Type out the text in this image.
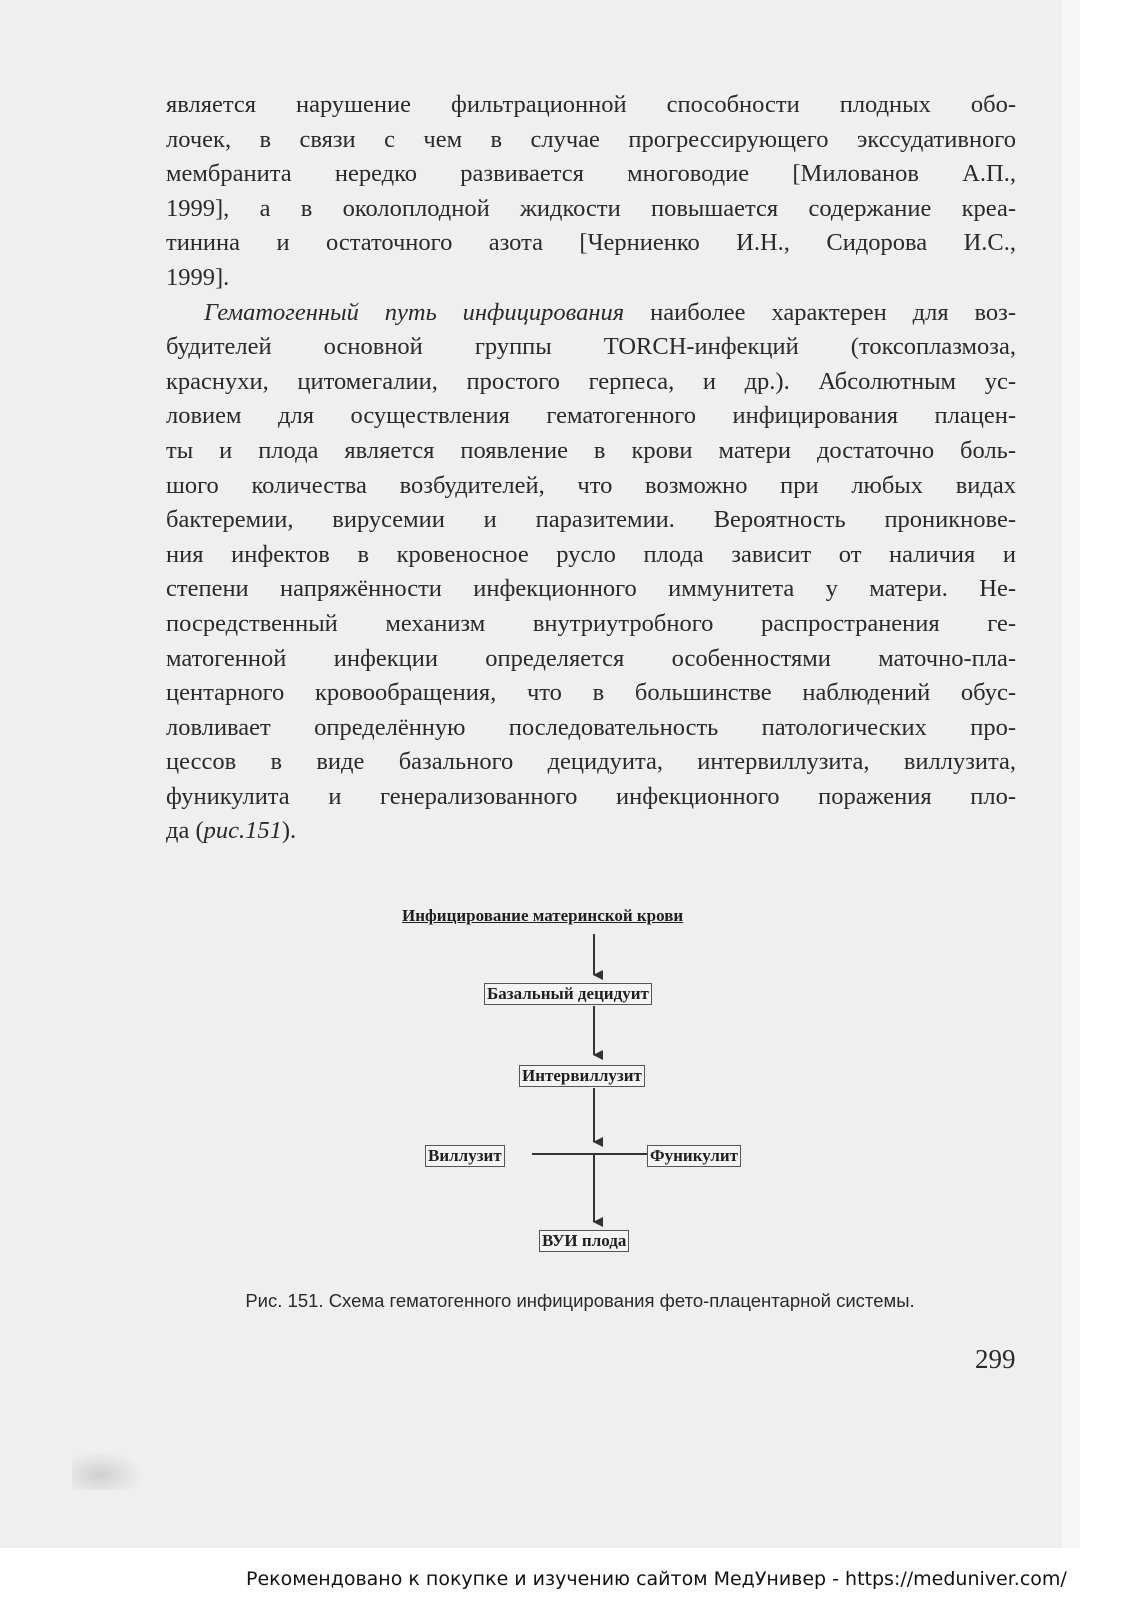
является нарушение фильтрационной способности плодных обо-
лочек, в связи с чем в случае прогрессирующего экссудативного
мембранита нередко развивается многоводие [Милованов А.П.,
1999], а в околоплодной жидкости повышается содержание креа-
тинина и остаточного азота [Черниенко И.Н., Сидорова И.С.,
1999].
Гематогенный путь инфицирования наиболее характерен для воз-
будителей основной группы TORCH-инфекций (токсоплазмоза,
краснухи, цитомегалии, простого герпеса, и др.). Абсолютным ус-
ловием для осуществления гематогенного инфицирования плацен-
ты и плода является появление в крови матери достаточно боль-
шого количества возбудителей, что возможно при любых видах
бактеремии, вирусемии и паразитемии. Вероятность проникнове-
ния инфектов в кровеносное русло плода зависит от наличия и
степени напряжённости инфекционного иммунитета у матери. Не-
посредственный механизм внутриутробного распространения ге-
матогенной инфекции определяется особенностями маточно-пла-
центарного кровообращения, что в большинстве наблюдений обус-
ловливает определённую последовательность патологических про-
цессов в виде базального децидуита, интервиллузита, виллузита,
фуникулита и генерализованного инфекционного поражения пло-
да (рис.151).
Инфицирование материнской крови
Базальный децидуит
Интервиллузит
Виллузит	Фуникулит
ВУИ плода
Рис. 151. Схема гематогенного инфицирования фето-плацентарной системы.
299
Рекомендовано к покупке и изучению сайтом МедУнивер - https://meduniver.com/
